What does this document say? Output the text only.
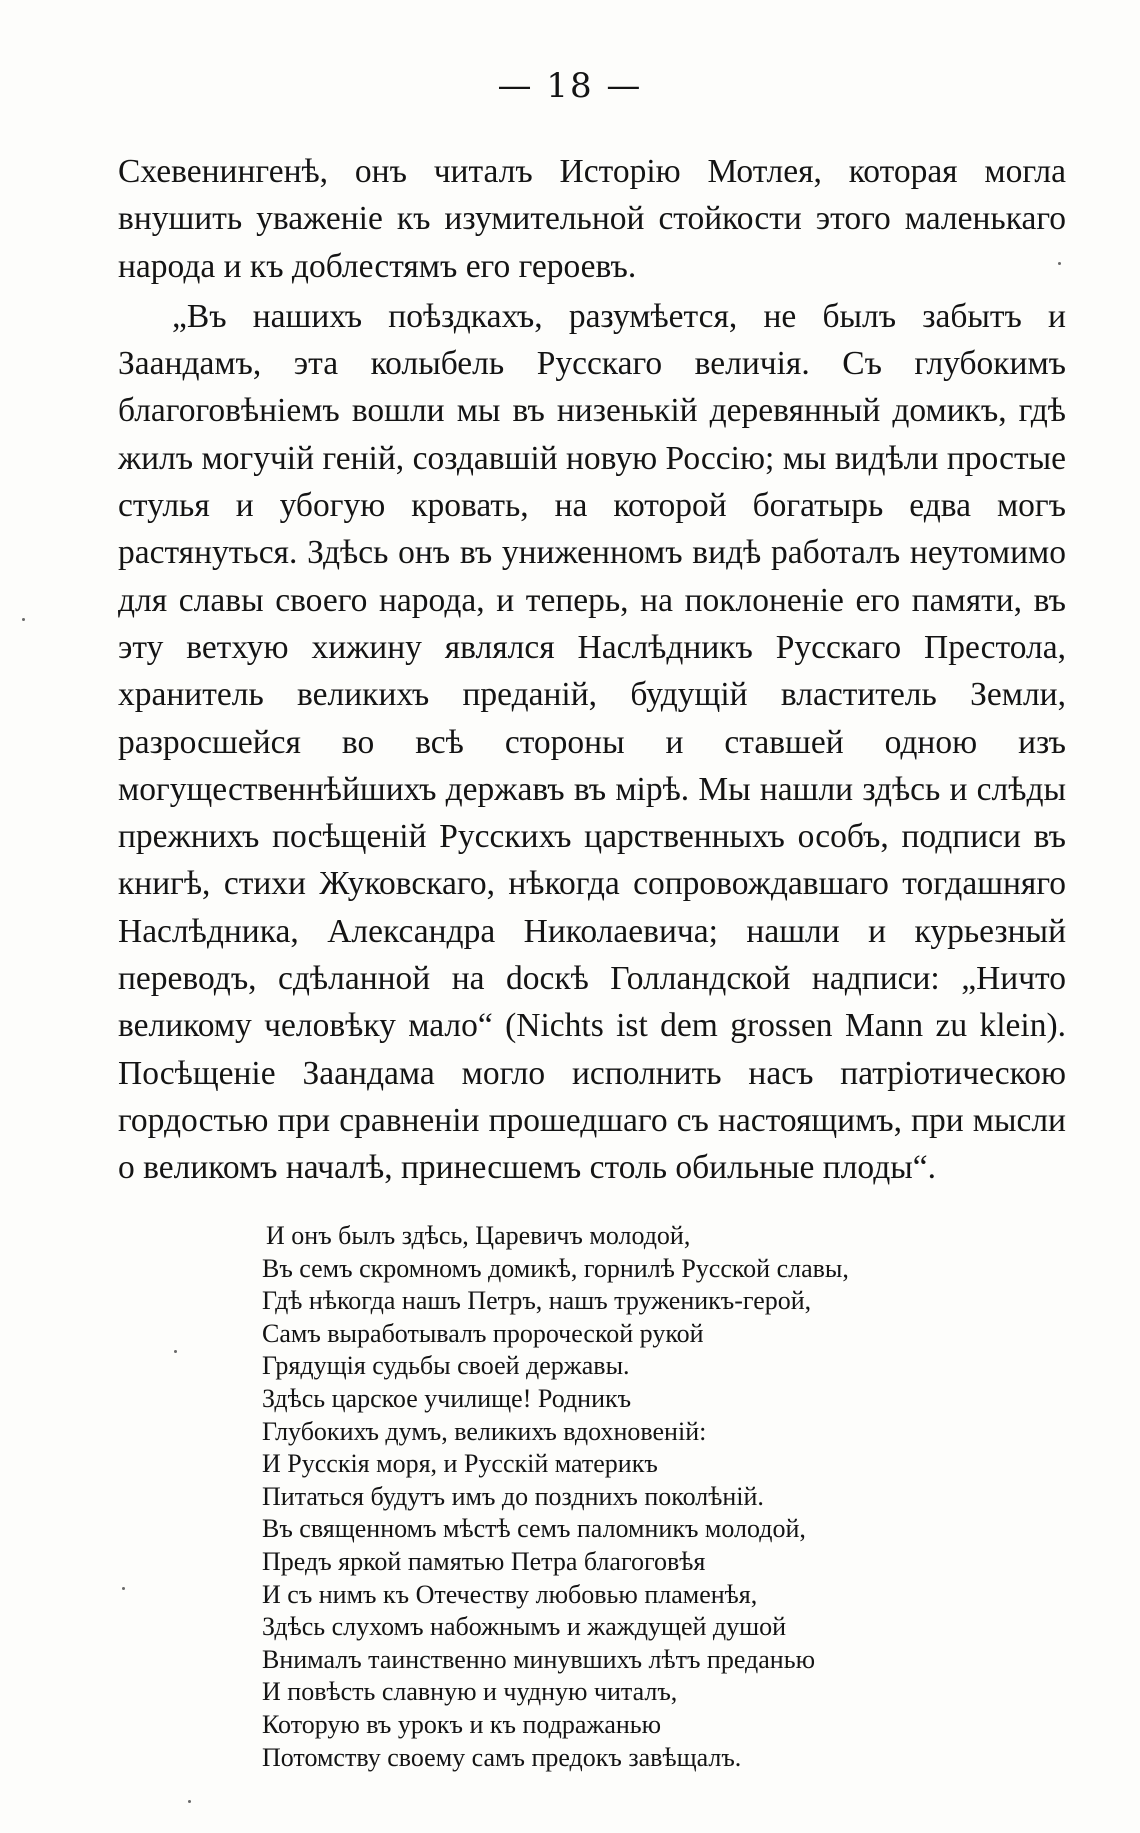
— 18 —

Схевенингенѣ, онъ читалъ Исторію Мотлея, которая могла внушить уваженіе къ изумительной стойкости этого маленькаго народа и къ доблестямъ его героевъ.

„Въ нашихъ поѣздкахъ, разумѣется, не былъ забытъ и Заандамъ, эта колыбель Русскаго величія. Съ глубокимъ благоговѣніемъ вошли мы въ низенькій деревянный домикъ, гдѣ жилъ могучій геній, создавшій новую Россію; мы видѣли простые стулья и убогую кровать, на которой богатырь едва могъ растянуться. Здѣсь онъ въ униженномъ видѣ работалъ неутомимо для славы своего народа, и теперь, на поклоненіе его памяти, въ эту ветхую хижину являлся Наслѣдникъ Русскаго Престола, хранитель великихъ преданій, будущій властитель Земли, разросшейся во всѣ стороны и ставшей одною изъ могущественнѣйшихъ державъ въ мірѣ. Мы нашли здѣсь и слѣды прежнихъ посѣщеній Русскихъ царственныхъ особъ, подписи въ книгѣ, стихи Жуковскаго, нѣкогда сопровождавшаго тогдашняго Наслѣдника, Александра Николаевича; нашли и курьезный переводъ, сдѣланной на doскѣ Голландской надписи: „Ничто великому человѣку мало“ (Nichts ist dem grossen Mann zu klein). Посѣщеніе Заандама могло исполнить насъ патріотическою гордостью при сравненіи прошедшаго съ настоящимъ, при мысли о великомъ началѣ, принесшемъ столь обильные плоды“.

И онъ былъ здѣсь, Царевичъ молодой,
Въ семъ скромномъ домикѣ, горнилѣ Русской славы,
Гдѣ нѣкогда нашъ Петръ, нашъ труженикъ-герой,
Самъ выработывалъ пророческой рукой
Грядущія судьбы своей державы.
Здѣсь царское училище! Родникъ
Глубокихъ думъ, великихъ вдохновеній:
И Русскія моря, и Русскій материкъ
Питаться будутъ имъ до позднихъ поколѣній.
Въ священномъ мѣстѣ семъ паломникъ молодой,
Предъ яркой памятью Петра благоговѣя
И съ нимъ къ Отечеству любовью пламенѣя,
Здѣсь слухомъ набожнымъ и жаждущей душой
Внималъ таинственно минувшихъ лѣтъ преданью
И повѣсть славную и чудную читалъ,
Которую въ урокъ и къ подражанью
Потомству своему самъ предокъ завѣщалъ.
